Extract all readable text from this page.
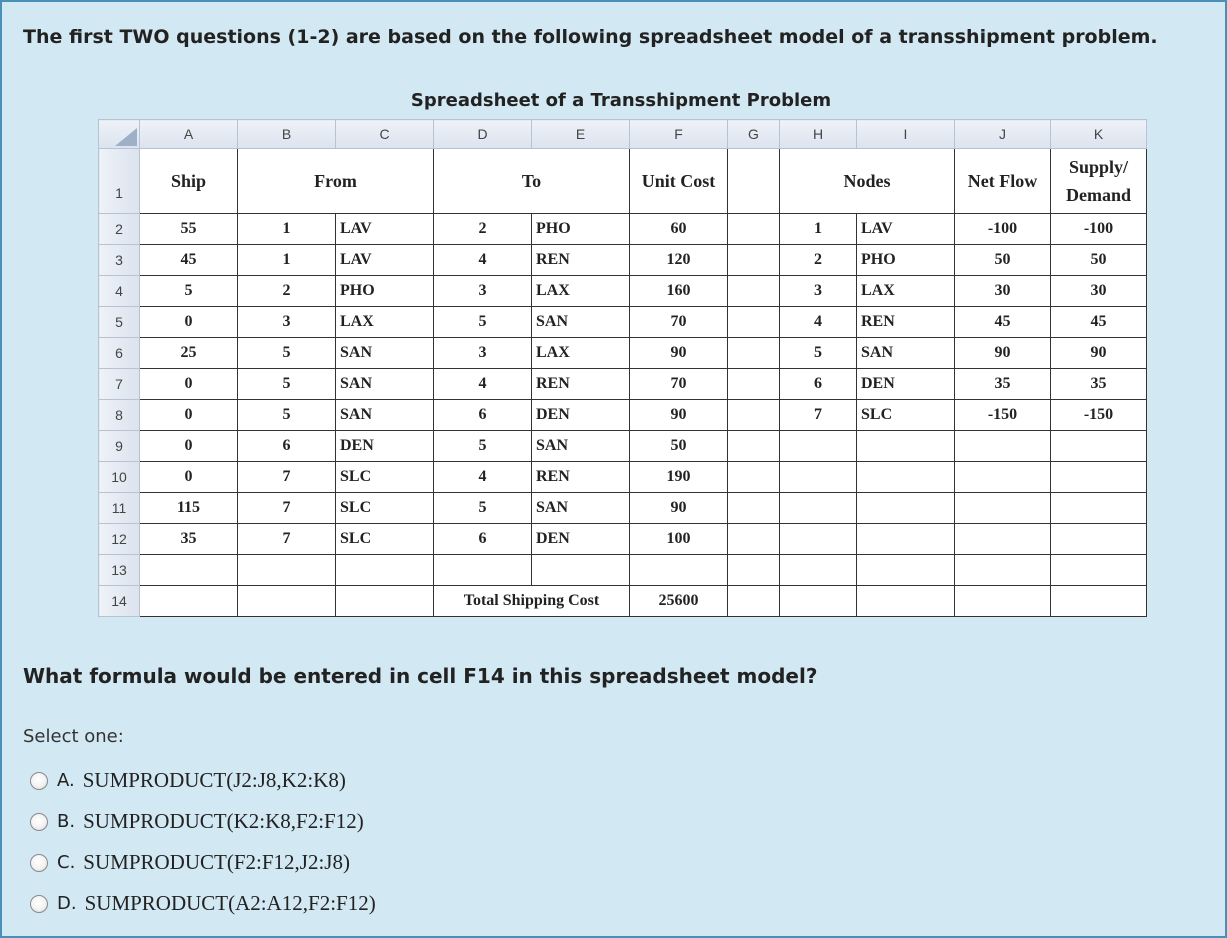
The first TWO questions (1-2) are based on the following spreadsheet model of a transshipment problem.
Spreadsheet of a Transshipment Problem
	A	B	C	D	E	F	G	H	I	J	K
1	Ship	From		To		Unit Cost		Nodes		Net Flow	Supply/ Demand
2	55	1	LAV	2	PHO	60		1	LAV	-100	-100
3	45	1	LAV	4	REN	120		2	PHO	50	50
4	5	2	PHO	3	LAX	160		3	LAX	30	30
5	0	3	LAX	5	SAN	70		4	REN	45	45
6	25	5	SAN	3	LAX	90		5	SAN	90	90
7	0	5	SAN	4	REN	70		6	DEN	35	35
8	0	5	SAN	6	DEN	90		7	SLC	-150	-150
9	0	6	DEN	5	SAN	50					
10	0	7	SLC	4	REN	190					
11	115	7	SLC	5	SAN	90					
12	35	7	SLC	6	DEN	100					
13											
14				Total Shipping Cost		25600					
What formula would be entered in cell F14 in this spreadsheet model?
Select one:
A. SUMPRODUCT(J2:J8,K2:K8)
B. SUMPRODUCT(K2:K8,F2:F12)
C. SUMPRODUCT(F2:F12,J2:J8)
D. SUMPRODUCT(A2:A12,F2:F12)
